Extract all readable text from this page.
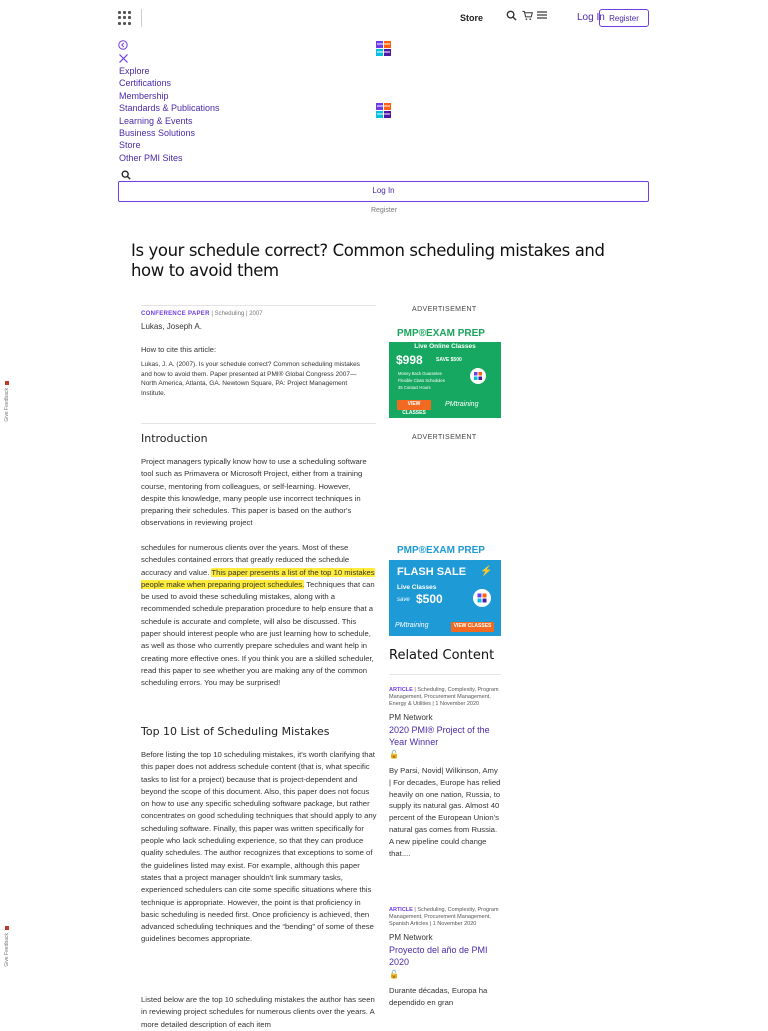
Store	Log In Register
Explore
Certifications
Membership
Standards & Publications
Learning & Events
Business Solutions
Store
Other PMI Sites
Log In
Register
Is your schedule correct? Common scheduling mistakes and how to avoid them
CONFERENCE PAPER | Scheduling | 2007
Lukas, Joseph A.
How to cite this article:
Lukas, J. A. (2007). Is your schedule correct? Common scheduling mistakes and how to avoid them. Paper presented at PMI® Global Congress 2007—North America, Atlanta, GA. Newtown Square, PA: Project Management Institute.
Introduction
Project managers typically know how to use a scheduling software tool such as Primavera or Microsoft Project, either from a training course, mentoring from colleagues, or self-learning. However, despite this knowledge, many people use incorrect techniques in preparing their schedules. This paper is based on the author's observations in reviewing project
schedules for numerous clients over the years. Most of these schedules contained errors that greatly reduced the schedule accuracy and value. This paper presents a list of the top 10 mistakes people make when preparing project schedules. Techniques that can be used to avoid these scheduling mistakes, along with a recommended schedule preparation procedure to help ensure that a schedule is accurate and complete, will also be discussed. This paper should interest people who are just learning how to schedule, as well as those who currently prepare schedules and want help in creating more effective ones. If you think you are a skilled scheduler, read this paper to see whether you are making any of the common scheduling errors. You may be surprised!
Top 10 List of Scheduling Mistakes
Before listing the top 10 scheduling mistakes, it's worth clarifying that this paper does not address schedule content (that is, what specific tasks to list for a project) because that is project-dependent and beyond the scope of this document. Also, this paper does not focus on how to use any specific scheduling software package, but rather concentrates on good scheduling techniques that should apply to any scheduling software. Finally, this paper was written specifically for people who lack scheduling experience, so that they can produce quality schedules. The author recognizes that exceptions to some of the guidelines listed may exist. For example, although this paper states that a project manager shouldn't link summary tasks, experienced schedulers can cite some specific situations where this technique is appropriate. However, the point is that proficiency in basic scheduling is needed first. Once proficiency is achieved, then advanced scheduling techniques and the “bending” of some of these guidelines becomes appropriate.
Listed below are the top 10 scheduling mistakes the author has seen in reviewing project schedules for numerous clients over the years. A more detailed description of each item
ADVERTISEMENT
PMP®EXAM PREP
Live Online Classes
$998	SAVE $500
Money Back Guarantee
Flexible Class Schedules
35 Contact Hours
VIEW CLASSES
PMtraining
ADVERTISEMENT
PMP®EXAM PREP
FLASH SALE ⚡
Live Classes
save $500
PMtraining	VIEW CLASSES
Related Content
ARTICLE | Scheduling, Complexity, Program Management, Procurement Management, Energy & Utilities | 1 November 2020
PM Network
2020 PMI® Project of the Year Winner
🔓
By Parsi, Novid| Wilkinson, Amy | For decades, Europe has relied heavily on one nation, Russia, to supply its natural gas. Almost 40 percent of the European Union's natural gas comes from Russia. A new pipeline could change that....
ARTICLE | Scheduling, Complexity, Program Management, Procurement Management, Spanish Articles | 1 November 2020
PM Network
Proyecto del año de PMI 2020
🔓
Durante décadas, Europa ha dependido en gran
Give Feedback
Give Feedback
